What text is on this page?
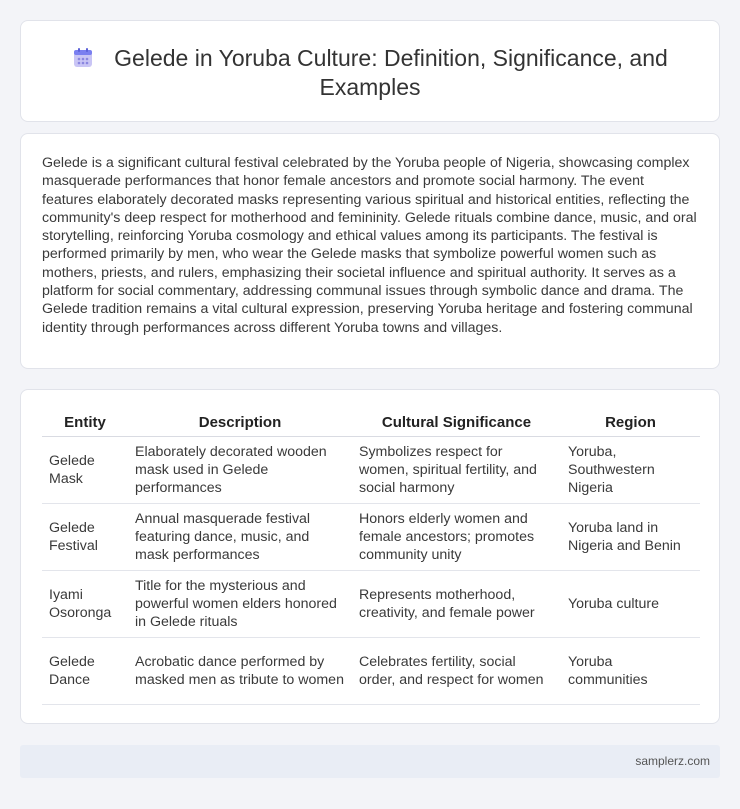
Gelede in Yoruba Culture: Definition, Significance, and Examples

Gelede is a significant cultural festival celebrated by the Yoruba people of Nigeria, showcasing complex masquerade performances that honor female ancestors and promote social harmony. The event features elaborately decorated masks representing various spiritual and historical entities, reflecting the community's deep respect for motherhood and femininity. Gelede rituals combine dance, music, and oral storytelling, reinforcing Yoruba cosmology and ethical values among its participants. The festival is performed primarily by men, who wear the Gelede masks that symbolize powerful women such as mothers, priests, and rulers, emphasizing their societal influence and spiritual authority. It serves as a platform for social commentary, addressing communal issues through symbolic dance and drama. The Gelede tradition remains a vital cultural expression, preserving Yoruba heritage and fostering communal identity through performances across different Yoruba towns and villages.

Entity	Description	Cultural Significance	Region
Gelede Mask	Elaborately decorated wooden mask used in Gelede performances	Symbolizes respect for women, spiritual fertility, and social harmony	Yoruba, Southwestern Nigeria
Gelede Festival	Annual masquerade festival featuring dance, music, and mask performances	Honors elderly women and female ancestors; promotes community unity	Yoruba land in Nigeria and Benin
Iyami Osoronga	Title for the mysterious and powerful women elders honored in Gelede rituals	Represents motherhood, creativity, and female power	Yoruba culture
Gelede Dance	Acrobatic dance performed by masked men as tribute to women	Celebrates fertility, social order, and respect for women	Yoruba communities
samplerz.com
